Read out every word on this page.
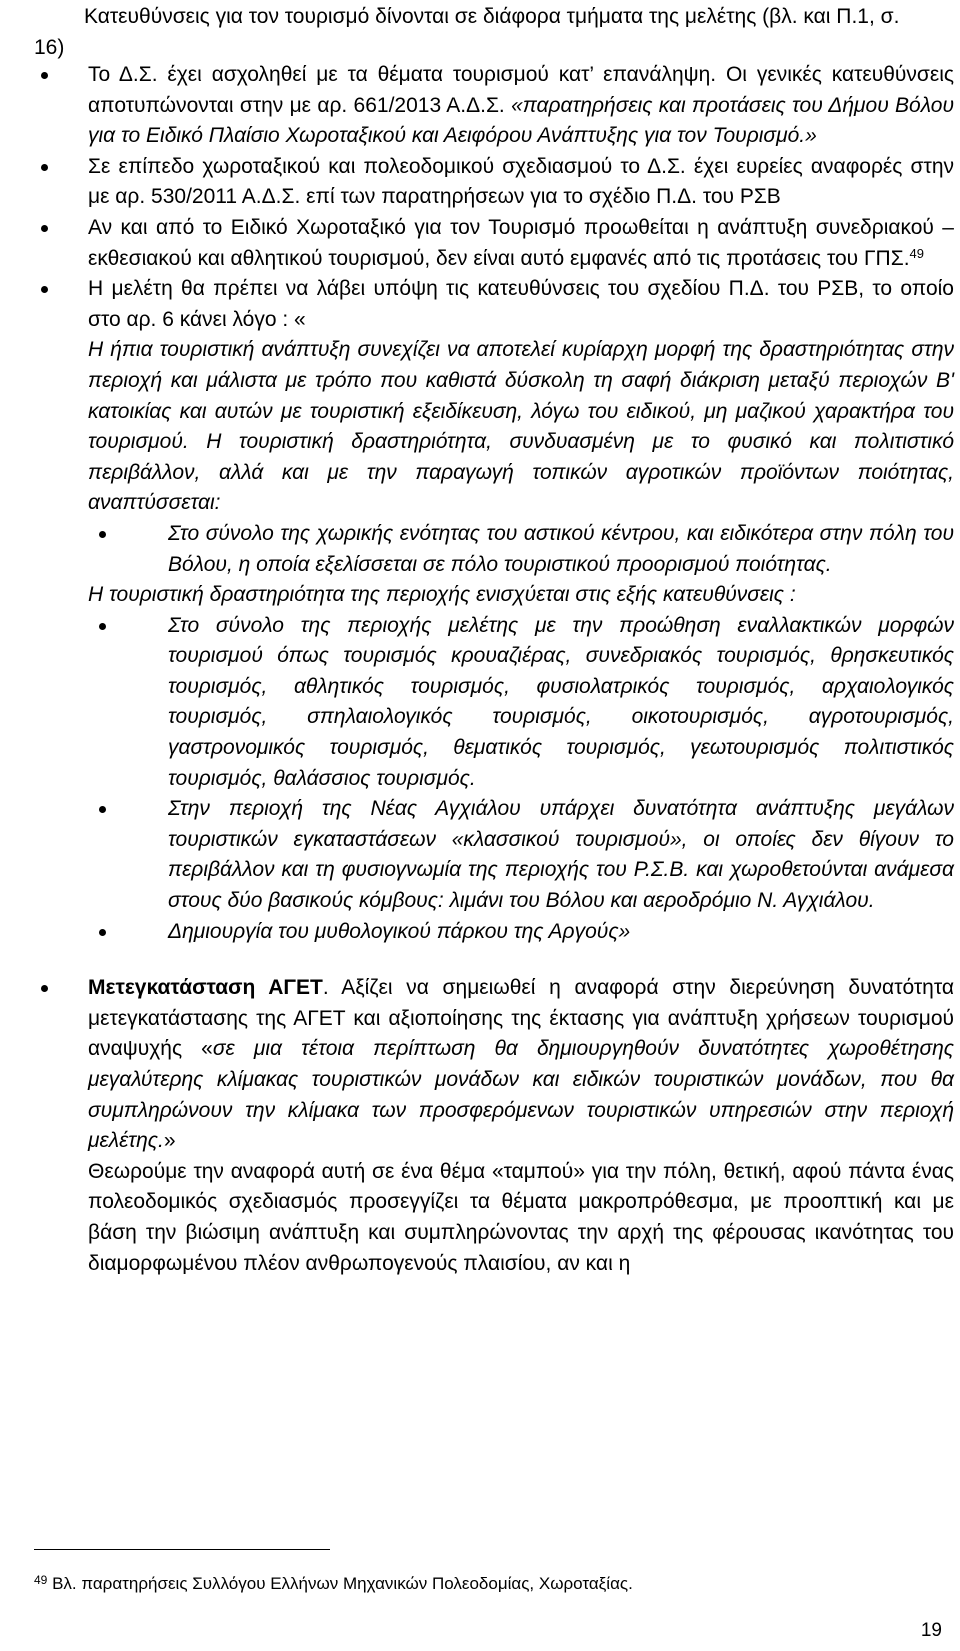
Κατευθύνσεις για τον τουρισμό δίνονται σε διάφορα τμήματα της μελέτης (βλ. και Π.1, σ. 16)
Το Δ.Σ. έχει ασχοληθεί με τα θέματα τουρισμού κατ’ επανάληψη. Οι γενικές κατευθύνσεις αποτυπώνονται στην με αρ. 661/2013 Α.Δ.Σ. «παρατηρήσεις και προτάσεις του Δήμου Βόλου για το Ειδικό Πλαίσιο Χωροταξικού και Αειφόρου Ανάπτυξης για τον Τουρισμό.»
Σε επίπεδο χωροταξικού και πολεοδομικού σχεδιασμού το Δ.Σ. έχει ευρείες αναφορές στην με αρ. 530/2011 Α.Δ.Σ. επί των παρατηρήσεων για το σχέδιο Π.Δ. του ΡΣΒ
Αν και από το Ειδικό Χωροταξικό για τον Τουρισμό προωθείται η ανάπτυξη συνεδριακού – εκθεσιακού και αθλητικού τουρισμού, δεν είναι αυτό εμφανές από τις προτάσεις του ΓΠΣ.$^{49}$
Η μελέτη θα πρέπει να λάβει υπόψη τις κατευθύνσεις του σχεδίου Π.Δ. του ΡΣΒ, το οποίο στο αρ. 6 κάνει λόγο : «
Η ήπια τουριστική ανάπτυξη συνεχίζει να αποτελεί κυρίαρχη μορφή της δραστηριότητας στην περιοχή και μάλιστα με τρόπο που καθιστά δύσκολη τη σαφή διάκριση μεταξύ περιοχών Β' κατοικίας και αυτών με τουριστική εξειδίκευση, λόγω του ειδικού, μη μαζικού χαρακτήρα του τουρισμού. Η τουριστική δραστηριότητα, συνδυασμένη με το φυσικό και πολιτιστικό περιβάλλον, αλλά και με την παραγωγή τοπικών αγροτικών προϊόντων ποιότητας, αναπτύσσεται:
Στο σύνολο της χωρικής ενότητας του αστικού κέντρου, και ειδικότερα στην πόλη του Βόλου, η οποία εξελίσσεται σε πόλο τουριστικού προορισμού ποιότητας.
Η τουριστική δραστηριότητα της περιοχής ενισχύεται στις εξής κατευθύνσεις :
Στο σύνολο της περιοχής μελέτης με την προώθηση εναλλακτικών μορφών τουρισμού όπως τουρισμός κρουαζιέρας, συνεδριακός τουρισμός, θρησκευτικός τουρισμός, αθλητικός τουρισμός, φυσιολατρικός τουρισμός, αρχαιολογικός τουρισμός, σπηλαιολογικός τουρισμός, οικοτουρισμός, αγροτουρισμός, γαστρονομικός τουρισμός, θεματικός τουρισμός, γεωτουρισμός πολιτιστικός τουρισμός, θαλάσσιος τουρισμός.
Στην περιοχή της Νέας Αγχιάλου υπάρχει δυνατότητα ανάπτυξης μεγάλων τουριστικών εγκαταστάσεων «κλασσικού τουρισμού», οι οποίες δεν θίγουν το περιβάλλον και τη φυσιογνωμία της περιοχής του Ρ.Σ.Β. και χωροθετούνται ανάμεσα στους δύο βασικούς κόμβους: λιμάνι του Βόλου και αεροδρόμιο Ν. Αγχιάλου.
Δημιουργία του μυθολογικού πάρκου της Αργούς»
Μετεγκατάσταση ΑΓΕΤ. Αξίζει να σημειωθεί η αναφορά στην διερεύνηση δυνατότητα μετεγκατάστασης της ΑΓΕΤ και αξιοποίησης της έκτασης για ανάπτυξη χρήσεων τουρισμού αναψυχής «σε μια τέτοια περίπτωση θα δημιουργηθούν δυνατότητες χωροθέτησης μεγαλύτερης κλίμακας τουριστικών μονάδων και ειδικών τουριστικών μονάδων, που θα συμπληρώνουν την κλίμακα των προσφερόμενων τουριστικών υπηρεσιών στην περιοχή μελέτης.»
Θεωρούμε την αναφορά αυτή σε ένα θέμα «ταμπού» για την πόλη, θετική, αφού πάντα ένας πολεοδομικός σχεδιασμός προσεγγίζει τα θέματα μακροπρόθεσμα, με προοπτική και με βάση την βιώσιμη ανάπτυξη και συμπληρώνοντας την αρχή της φέρουσας ικανότητας του διαμορφωμένου πλέον ανθρωπογενούς πλαισίου, αν και η
$^{49}$ Βλ. παρατηρήσεις Συλλόγου Ελλήνων Μηχανικών Πολεοδομίας, Χωροταξίας.
19
